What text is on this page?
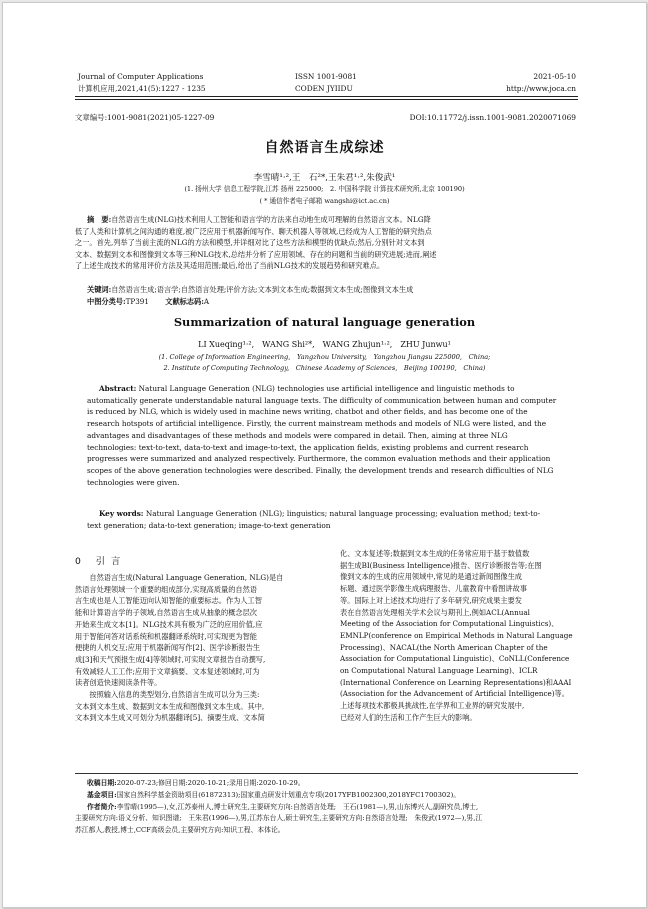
Journal of Computer Applications
计算机应用,2021,41(5):1227 - 1235
ISSN 1001-9081
CODEN JYIIDU
2021-05-10
http://www.joca.cn
文章编号:1001-9081(2021)05-1227-09	DOI:10.11772/j.issn.1001-9081.2020071069
自然语言生成综述
李雪晴¹·²,王　石²*,王朱君¹·²,朱俊武¹
(1. 扬州大学 信息工程学院,江苏 扬州 225000;　2. 中国科学院 计算技术研究所,北京 100190)
( * 通信作者电子邮箱 wangshi@ict.ac.cn)
摘　要:自然语言生成(NLG)技术利用人工智能和语言学的方法来自动地生成可理解的自然语言文本。NLG降
低了人类和计算机之间沟通的难度,被广泛应用于机器新闻写作、聊天机器人等领域,已经成为人工智能的研究热点
之一。首先,列举了当前主流的NLG的方法和模型,并详细对比了这些方法和模型的优缺点;然后,分别针对文本到
文本、数据到文本和图像到文本等三种NLG技术,总结并分析了应用领域、存在的问题和当前的研究进展;进而,阐述
了上述生成技术的常用评价方法及其适用范围;最后,给出了当前NLG技术的发展趋势和研究难点。
关键词:自然语言生成;语言学;自然语言处理;评价方法;文本到文本生成;数据到文本生成;图像到文本生成
中图分类号:TP391 文献标志码:A
Summarization of natural language generation
LI Xueqing¹·²,　WANG Shi²*,　WANG Zhujun¹·²,　ZHU Junwu¹
(1. College of Information Engineering,　Yangzhou University,　Yangzhou Jiangsu 225000,　China;
2. Institute of Computing Technology,　Chinese Academy of Sciences,　Beijing 100190,　China)
Abstract: Natural Language Generation (NLG) technologies use artificial intelligence and linguistic methods to
automatically generate understandable natural language texts. The difficulty of communication between human and computer
is reduced by NLG, which is widely used in machine news writing, chatbot and other fields, and has become one of the
research hotspots of artificial intelligence. Firstly, the current mainstream methods and models of NLG were listed, and the
advantages and disadvantages of these methods and models were compared in detail. Then, aiming at three NLG
technologies: text-to-text, data-to-text and image-to-text, the application fields, existing problems and current research
progresses were summarized and analyzed respectively. Furthermore, the common evaluation methods and their application
scopes of the above generation technologies were described. Finally, the development trends and research difficulties of NLG
technologies were given.
Key words: Natural Language Generation (NLG); linguistics; natural language processing; evaluation method; text-to-
text generation; data-to-text generation; image-to-text generation
0 引言
　　自然语言生成(Natural Language Generation, NLG)是自
然语言处理领域一个重要的组成部分,实现高质量的自然语
言生成也是人工智能迈向认知智能的重要标志。作为人工智
能和计算语言学的子领域,自然语言生成从抽象的概念层次
开始来生成文本[1]。NLG技术具有极为广泛的应用价值,应
用于智能问答对话系统和机器翻译系统时,可实现更为智能
便捷的人机交互;应用于机器新闻写作[2]、医学诊断报告生
成[3]和天气预报生成[4]等领域时,可实现文章报告自动撰写,
有效减轻人工工作;应用于文章摘要、文本复述领域时,可为
读者创造快速阅读条件等。
　　按照输入信息的类型划分,自然语言生成可以分为三类:
文本到文本生成、数据到文本生成和图像到文本生成。其中,
文本到文本生成又可划分为机器翻译[5]、摘要生成、文本简
化、文本复述等;数据到文本生成的任务常应用于基于数值数
据生成BI(Business Intelligence)报告、医疗诊断报告等;在图
像到文本的生成的应用领域中,常见的是通过新闻图像生成
标题、通过医学影像生成病理报告、儿童教育中看图讲故事
等。国际上对上述技术均进行了多年研究,研究成果主要发
表在自然语言处理相关学术会议与期刊上,例如ACL(Annual
Meeting of the Association for Computational Linguistics)、
EMNLP(conference on Empirical Methods in Natural Language
Processing)、NACAL(the North American Chapter of the
Association for Computational Linguistic)、CoNLL(Conference
on Computational Natural Language Learning)、ICLR
(International Conference on Learning Representations)和AAAI
(Association for the Advancement of Artificial Intelligence)等。
上述每项技术都极具挑战性,在学界和工业界的研究发展中,
已经对人们的生活和工作产生巨大的影响。
收稿日期:2020-07-23;修回日期:2020-10-21;录用日期:2020-10-29。
基金项目:国家自然科学基金资助项目(61872313);国家重点研发计划重点专项(2017YFB1002300,2018YFC1700302)。
作者简介:李雪晴(1995—),女,江苏泰州人,博士研究生,主要研究方向:自然语言处理;　王石(1981—),男,山东博兴人,副研究员,博士,
主要研究方向:语义分析、知识图谱;　王朱君(1996—),男,江苏东台人,硕士研究生,主要研究方向:自然语言处理;　朱俊武(1972—),男,江
苏江都人,教授,博士,CCF高级会员,主要研究方向:知识工程、本体论。
